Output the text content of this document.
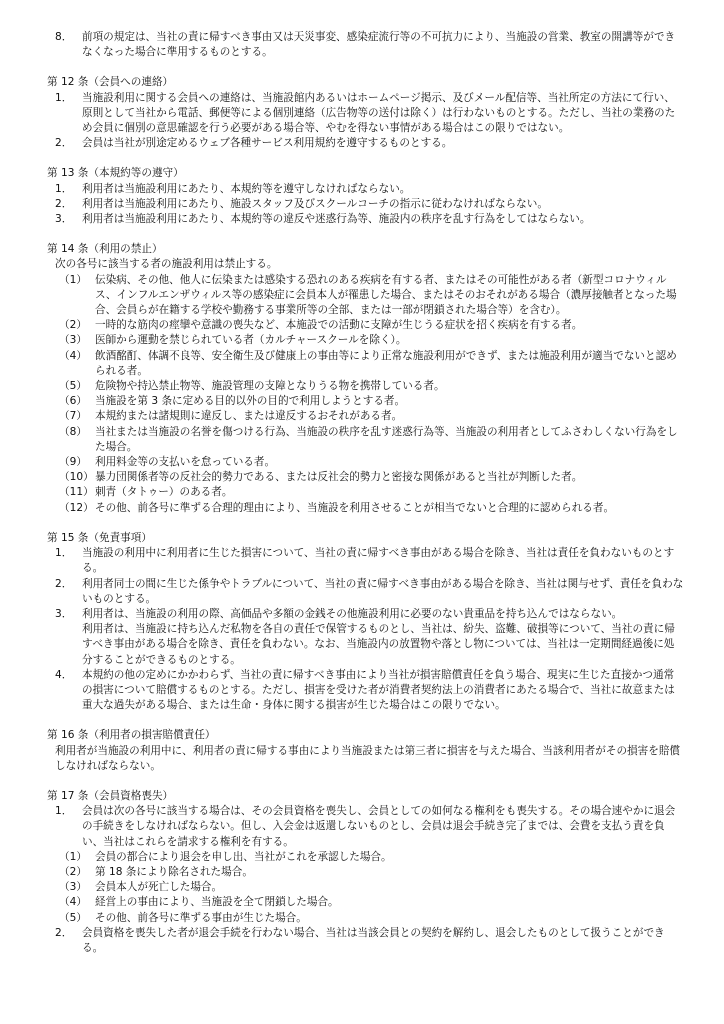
8． 前項の規定は、当社の責に帰すべき事由又は天災事変、感染症流行等の不可抗力により、当施設の営業、教室の開講等ができなくなった場合に準用するものとする。
第 12 条（会員への連絡）
1． 当施設利用に関する会員への連絡は、当施設館内あるいはホームページ掲示、及びメール配信等、当社所定の方法にて行い、原則として当社から電話、郵便等による個別連絡（広告物等の送付は除く）は行わないものとする。ただし、当社の業務のため会員に個別の意思確認を行う必要がある場合等、やむを得ない事情がある場合はこの限りではない。
2． 会員は当社が別途定めるウェブ各種サービス利用規約を遵守するものとする。
第 13 条（本規約等の遵守）
1． 利用者は当施設利用にあたり、本規約等を遵守しなければならない。
2． 利用者は当施設利用にあたり、施設スタッフ及びスクールコーチの指示に従わなければならない。
3． 利用者は当施設利用にあたり、本規約等の違反や迷惑行為等、施設内の秩序を乱す行為をしてはならない。
第 14 条（利用の禁止）
次の各号に該当する者の施設利用は禁止する。
（1） 伝染病、その他、他人に伝染または感染する恐れのある疾病を有する者、またはその可能性がある者（新型コロナウィルス、インフルエンザウィルス等の感染症に会員本人が罹患した場合、またはそのおそれがある場合（濃厚接触者となった場合、会員らが在籍する学校や勤務する事業所等の全部、または一部が閉鎖された場合等）を含む）。
（2） 一時的な筋肉の痙攣や意識の喪失など、本施設での活動に支障が生じうる症状を招く疾病を有する者。
（3） 医師から運動を禁じられている者（カルチャースクールを除く）。
（4） 飲酒酩酊、体調不良等、安全衛生及び健康上の事由等により正常な施設利用ができず、または施設利用が適当でないと認められる者。
（5） 危険物や持込禁止物等、施設管理の支障となりうる物を携帯している者。
（6） 当施設を第 3 条に定める目的以外の目的で利用しようとする者。
（7） 本規約または諸規則に違反し、または違反するおそれがある者。
（8） 当社または当施設の名誉を傷つける行為、当施設の秩序を乱す迷惑行為等、当施設の利用者としてふさわしくない行為をした場合。
（9） 利用料金等の支払いを怠っている者。
（10） 暴力団関係者等の反社会的勢力である、または反社会的勢力と密接な関係があると当社が判断した者。
（11） 刺青（タトゥー）のある者。
（12） その他、前各号に準ずる合理的理由により、当施設を利用させることが相当でないと合理的に認められる者。
第 15 条（免責事項）
1． 当施設の利用中に利用者に生じた損害について、当社の責に帰すべき事由がある場合を除き、当社は責任を負わないものとする。
2． 利用者同士の間に生じた係争やトラブルについて、当社の責に帰すべき事由がある場合を除き、当社は関与せず、責任を負わないものとする。
3． 利用者は、当施設の利用の際、高価品や多額の金銭その他施設利用に必要のない貴重品を持ち込んではならない。
利用者は、当施設に持ち込んだ私物を各自の責任で保管するものとし、当社は、紛失、盗難、破損等について、当社の責に帰すべき事由がある場合を除き、責任を負わない。なお、当施設内の放置物や落とし物については、当社は一定期間経過後に処分することができるものとする。
4． 本規約の他の定めにかかわらず、当社の責に帰すべき事由により当社が損害賠償責任を負う場合、現実に生じた直接かつ通常の損害について賠償するものとする。ただし、損害を受けた者が消費者契約法上の消費者にあたる場合で、当社に故意または重大な過失がある場合、または生命・身体に関する損害が生じた場合はこの限りでない。
第 16 条（利用者の損害賠償責任）
利用者が当施設の利用中に、利用者の責に帰する事由により当施設または第三者に損害を与えた場合、当該利用者がその損害を賠償しなければならない。
第 17 条（会員資格喪失）
1． 会員は次の各号に該当する場合は、その会員資格を喪失し、会員としての如何なる権利をも喪失する。その場合速やかに退会の手続きをしなければならない。但し、入会金は返還しないものとし、会員は退会手続き完了までは、会費を支払う責を負い、当社はこれらを請求する権利を有する。
（1） 会員の都合により退会を申し出、当社がこれを承認した場合。
（2） 第 18 条により除名された場合。
（3） 会員本人が死亡した場合。
（4） 経営上の事由により、当施設を全て閉鎖した場合。
（5） その他、前各号に準ずる事由が生じた場合。
2． 会員資格を喪失した者が退会手続を行わない場合、当社は当該会員との契約を解約し、退会したものとして扱うことができる。
